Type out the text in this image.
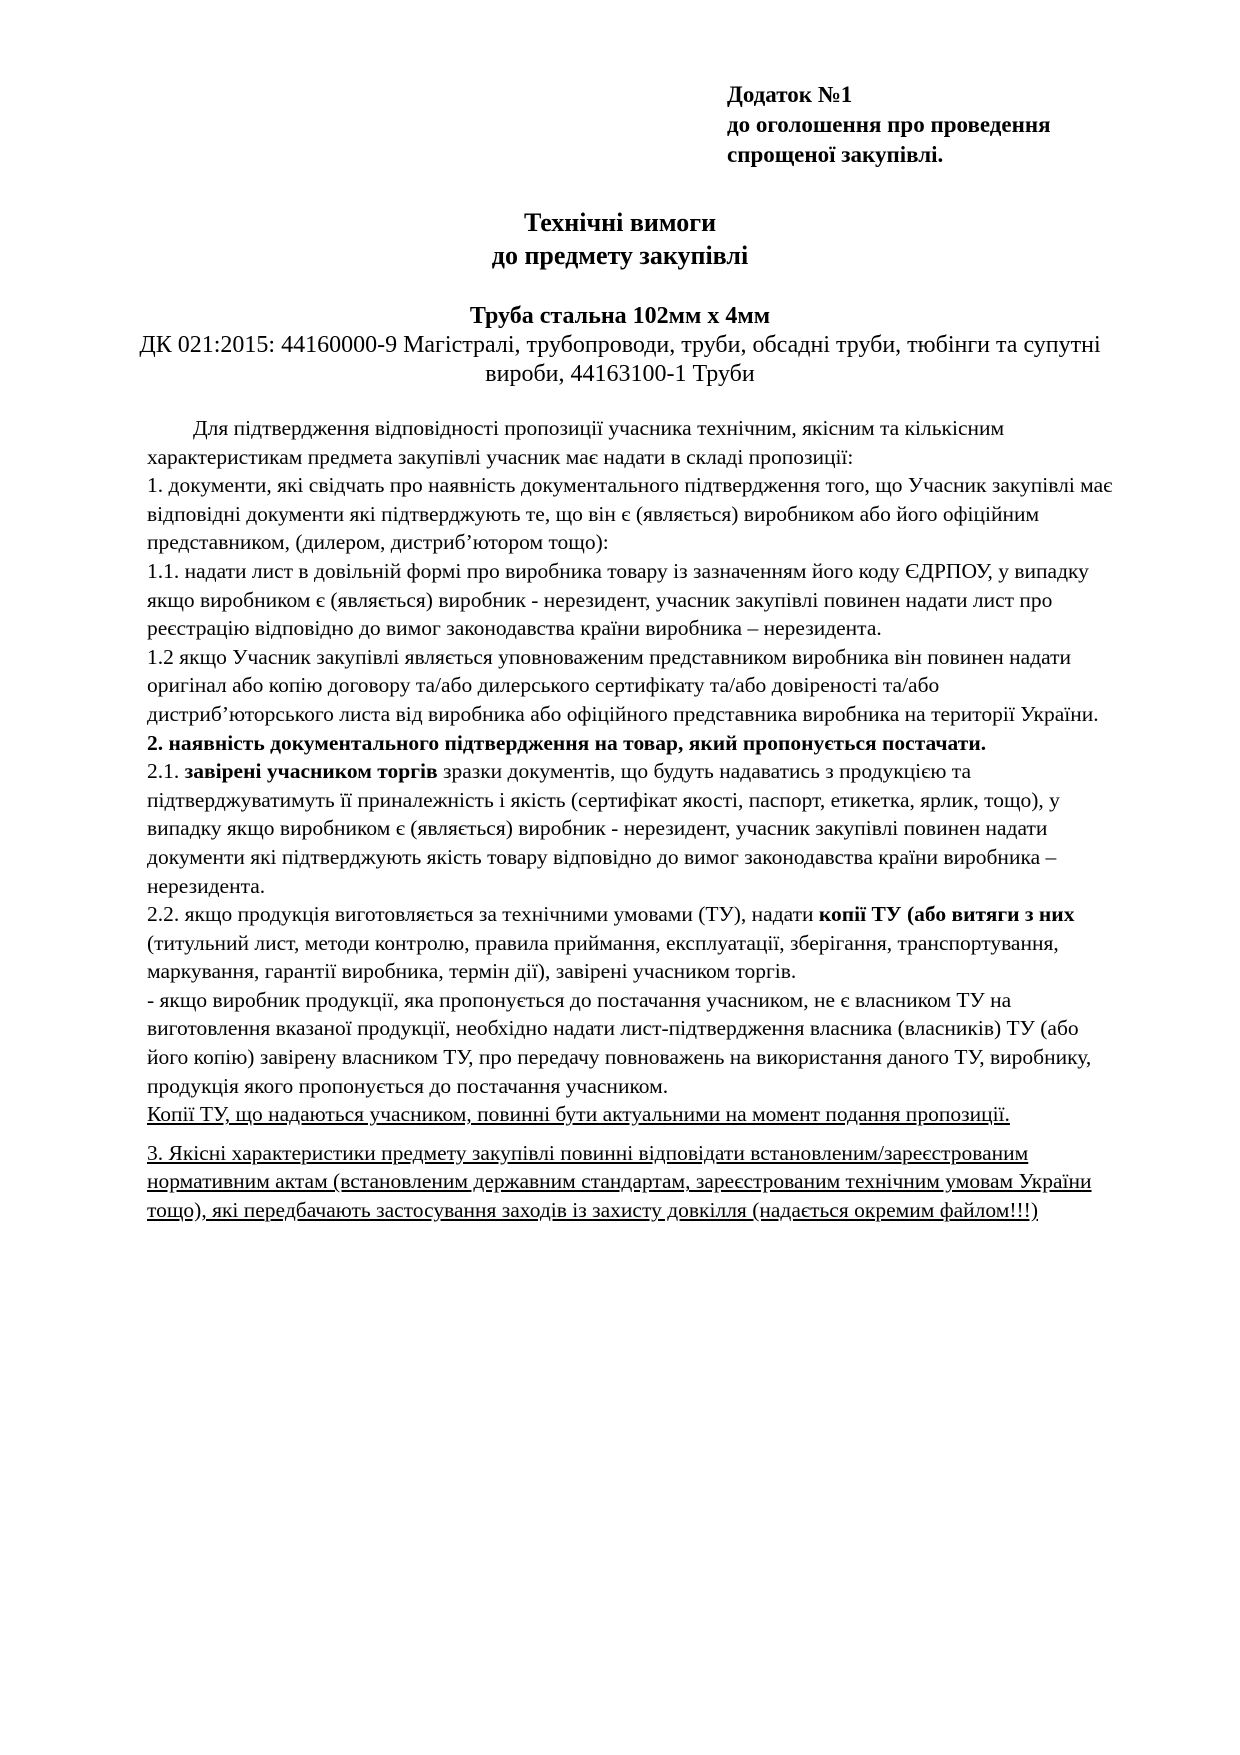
Додаток №1
до оголошення про проведення
спрощеної закупівлі.
Технічні вимоги
до предмету закупівлі
Труба стальна 102мм х 4мм
ДК 021:2015: 44160000-9 Магістралі, трубопроводи, труби, обсадні труби, тюбінги та супутні
вироби, 44163100-1 Труби
Для підтвердження відповідності пропозиції учасника технічним, якісним та кількісним
характеристикам предмета закупівлі учасник має надати в складі пропозиції:
1. документи, які свідчать про наявність документального підтвердження того, що Учасник закупівлі має
відповідні документи які підтверджують те, що він є (являється) виробником або його офіційним
представником, (дилером, дистриб’ютором тощо):
1.1. надати лист в довільній формі про виробника товару із зазначенням його коду ЄДРПОУ, у випадку
якщо виробником є (являється) виробник - нерезидент, учасник закупівлі повинен надати лист про
реєстрацію відповідно до вимог законодавства країни виробника – нерезидента.
1.2 якщо Учасник закупівлі являється уповноваженим представником виробника він повинен надати
оригінал або копію договору та/або дилерського сертифікату та/або довіреності та/або
дистриб’юторського листа від виробника або офіційного представника виробника на території України.
2. наявність документального підтвердження на товар, який пропонується постачати.
2.1. завірені учасником торгів зразки документів, що будуть надаватись з продукцією та
підтверджуватимуть її приналежність і якість (сертифікат якості, паспорт, етикетка, ярлик, тощо), у
випадку якщо виробником є (являється) виробник - нерезидент, учасник закупівлі повинен надати
документи які підтверджують якість товару відповідно до вимог законодавства країни виробника –
нерезидента.
2.2. якщо продукція виготовляється за технічними умовами (ТУ), надати копії ТУ (або витяги з них
(титульний лист, методи контролю, правила приймання, експлуатації, зберігання, транспортування,
маркування, гарантії виробника, термін дії), завірені учасником торгів.
- якщо виробник продукції, яка пропонується до постачання учасником, не є власником ТУ на
виготовлення вказаної продукції, необхідно надати лист-підтвердження власника (власників) ТУ (або
його копію) завірену власником ТУ, про передачу повноважень на використання даного ТУ, виробнику,
продукція якого пропонується до постачання учасником.
Копії ТУ, що надаються учасником, повинні бути актуальними на момент подання пропозиції.
3. Якісні характеристики предмету закупівлі повинні відповідати встановленим/зареєстрованим
нормативним актам (встановленим державним стандартам, зареєстрованим технічним умовам України
тощо), які передбачають застосування заходів із захисту довкілля (надається окремим файлом!!!)
